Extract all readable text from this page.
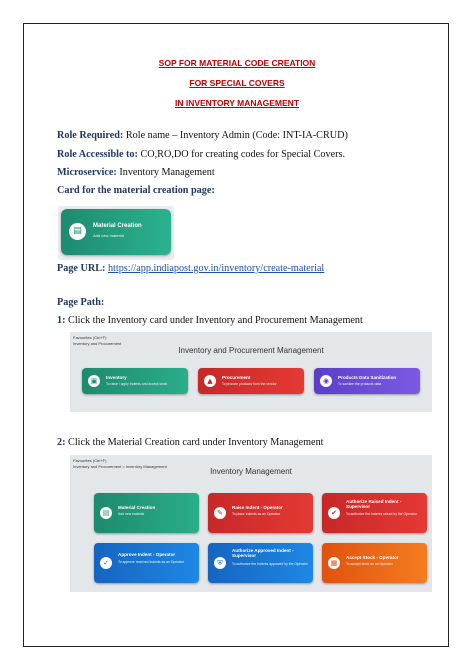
SOP FOR MATERIAL CODE CREATION
FOR SPECIAL COVERS
IN INVENTORY MANAGEMENT
Role Required: Role name – Inventory Admin (Code: INT-IA-CRUD)
Role Accessible to: CO,RO,DO for creating codes for Special Covers.
Microservice: Inventory Management
Card for the material creation page:
▤	Material Creation
Add new material
Page URL: https://app.indiapost.gov.in/inventory/create-material
Page Path:
1: Click the Inventory card under Inventory and Procurement Management
Favourites (Ctrl+F)
Inventory and Procurement
Inventory and Procurement Management
▣	Inventory
To raise / apply Indents and accept stock	▲	Procurement
To procure products from the vendor	◉	Products Data Sanitization
To sanitize the products data
2: Click the Material Creation card under Inventory Management
Favourites (Ctrl+F)
Inventory and Procurement > Inventory Management
Inventory Management
▤
Material Creation
Add new material	✎
Raise Indent - Operator
To place Indents as an Operator	✔
Authorize Raised Indent - Supervisor
To authorize the Indents raised by the Operator
✓
Approve Indent - Operator
To approve received Indents as an Operator	⛨
Authorize Approved Indent - Supervisor
To authorize the Indents approved by the Operator	▦
Accept Stock - Operator
To accept stock as an Operator
